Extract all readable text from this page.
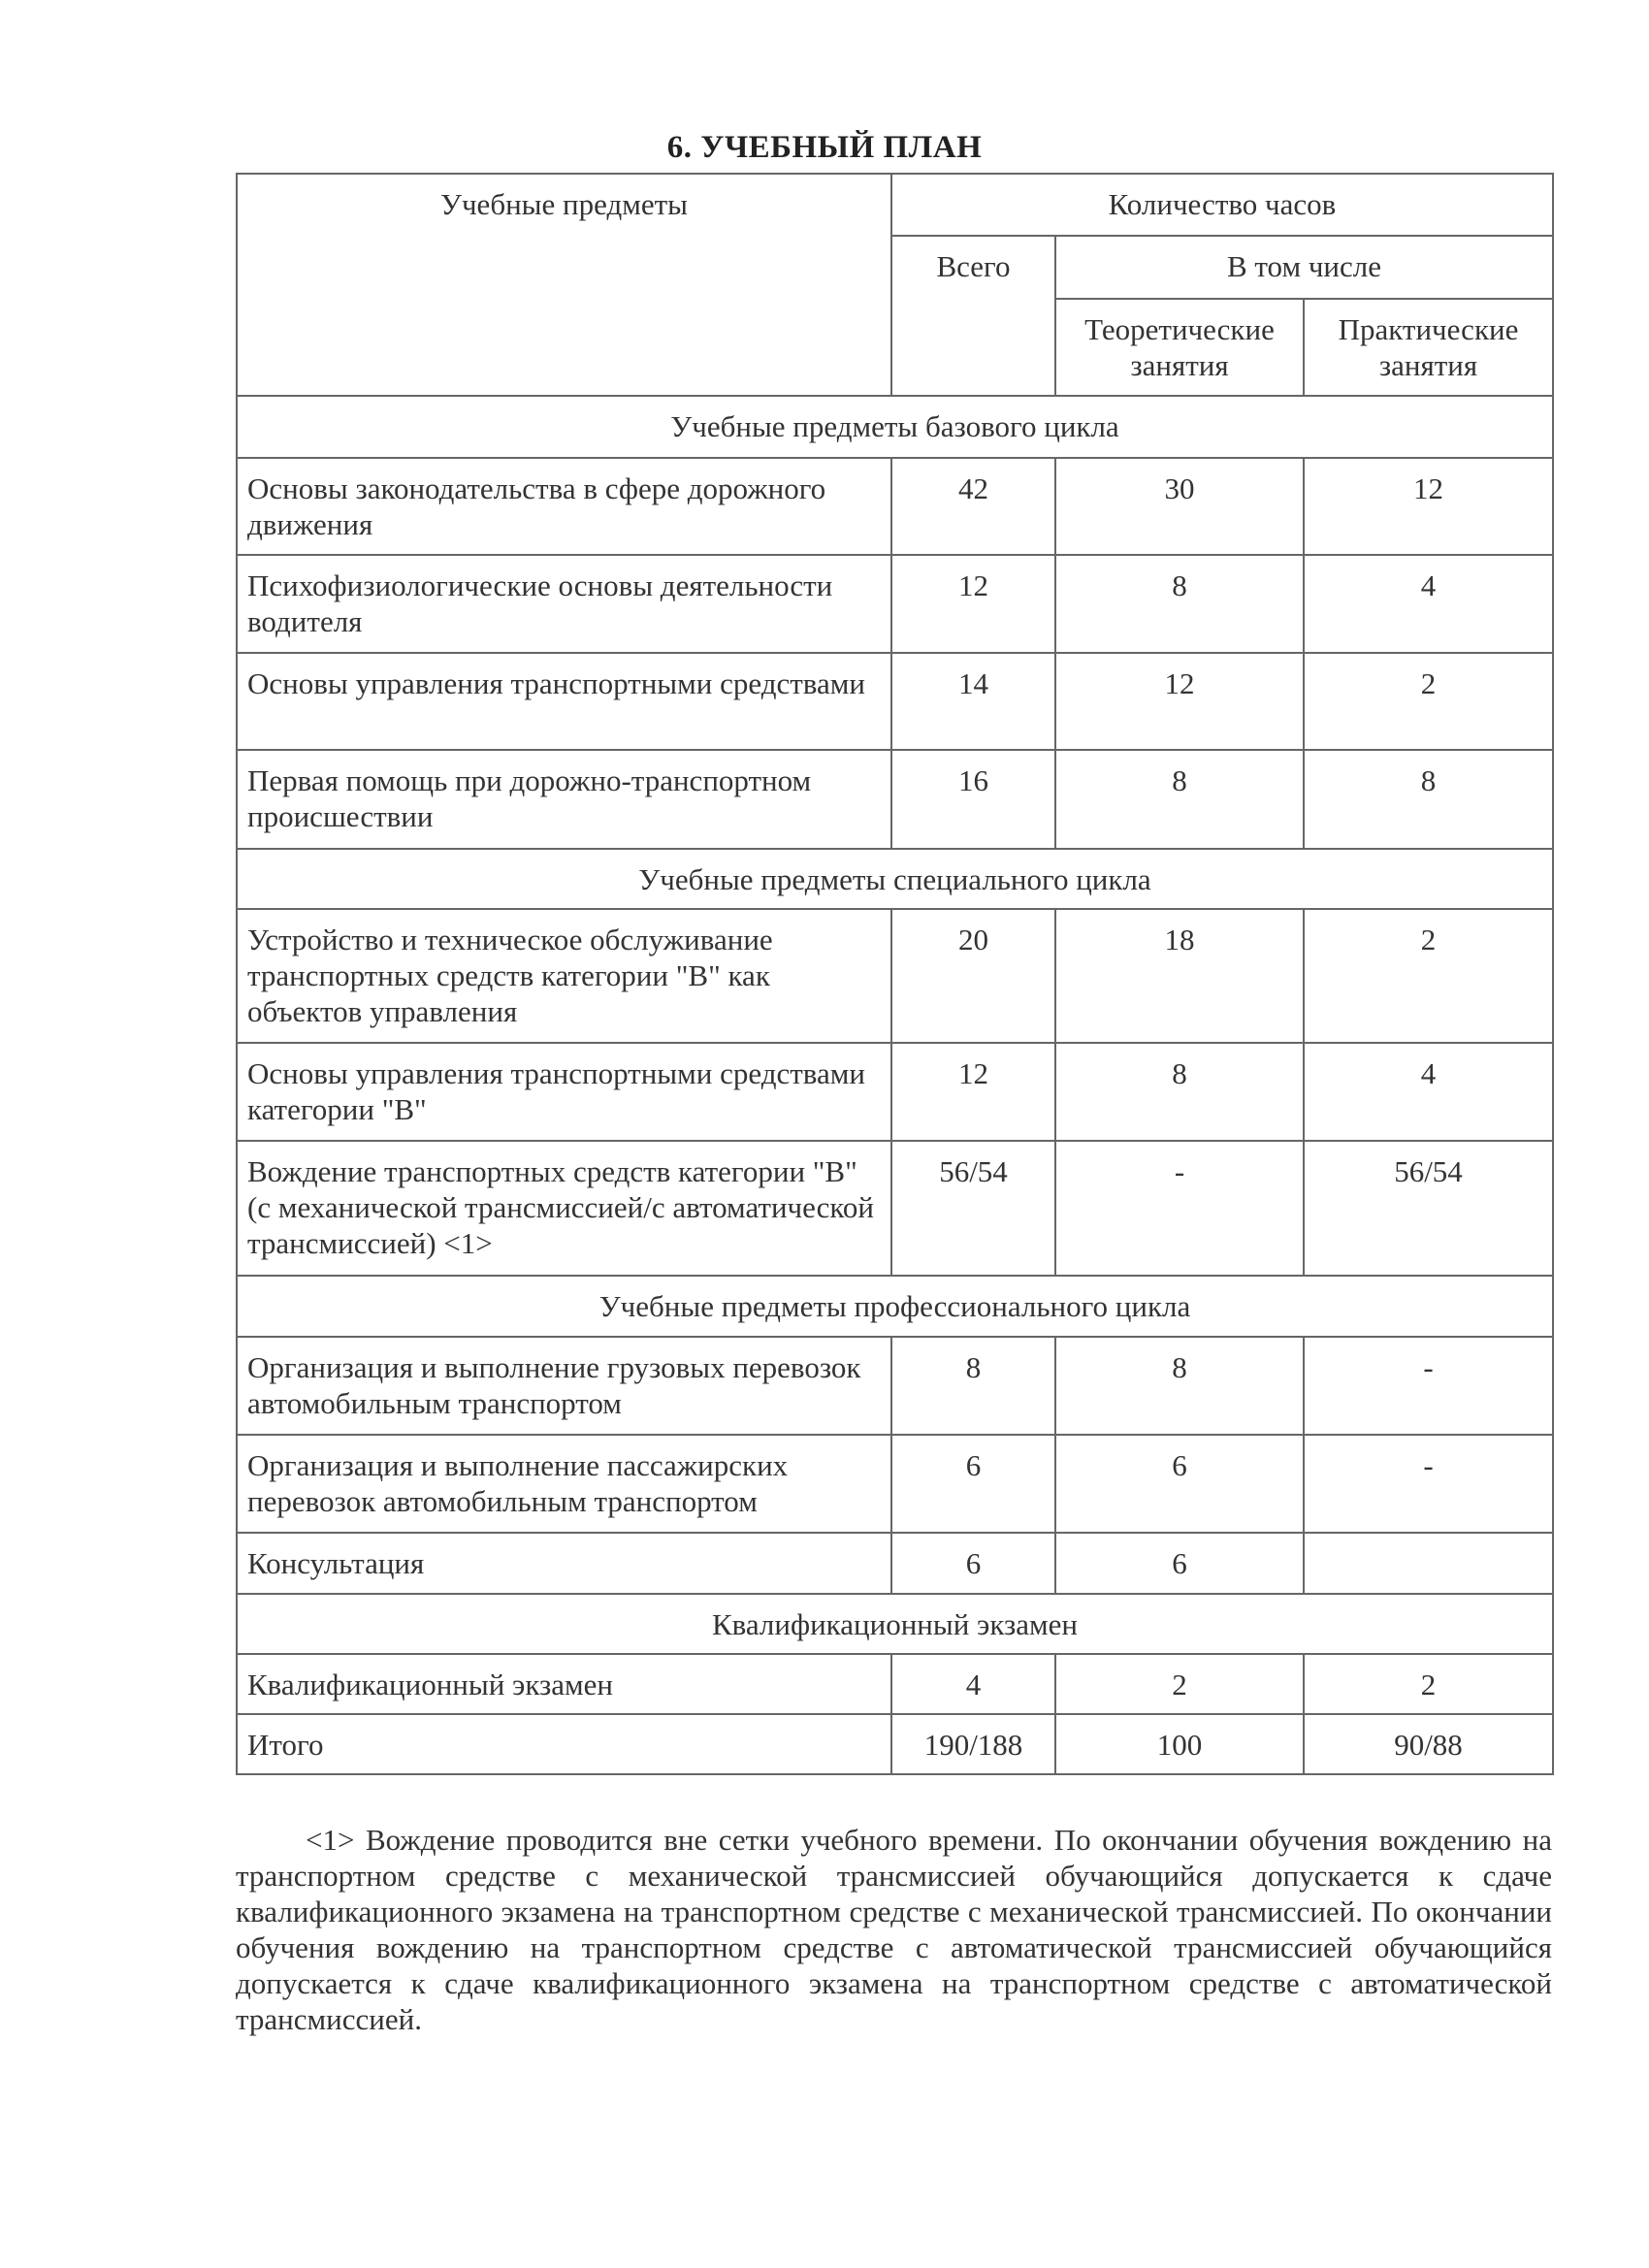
6. УЧЕБНЫЙ ПЛАН
Учебные предметы	Количество часов		
	Всего	В том числе	
		Теоретические занятия	Практические занятия
Учебные предметы базового цикла			
Основы законодательства в сфере дорожного движения	42	30	12
Психофизиологические основы деятельности водителя	12	8	4
Основы управления транспортными средствами	14	12	2
Первая помощь при дорожно-транспортном происшествии	16	8	8
Учебные предметы специального цикла			
Устройство и техническое обслуживание транспортных средств категории "B" как объектов управления	20	18	2
Основы управления транспортными средствами категории "B"	12	8	4
Вождение транспортных средств категории "B" (с механической трансмиссией/с автоматической трансмиссией) <1>	56/54	-	56/54
Учебные предметы профессионального цикла			
Организация и выполнение грузовых перевозок автомобильным транспортом	8	8	-
Организация и выполнение пассажирских перевозок автомобильным транспортом	6	6	-
Консультация	6	6	
Квалификационный экзамен			
Квалификационный экзамен	4	2	2
Итого	190/188	100	90/88

<1> Вождение проводится вне сетки учебного времени. По окончании обучения вождению на транспортном средстве с механической трансмиссией обучающийся допускается к сдаче квалификационного экзамена на транспортном средстве с механической трансмиссией. По окончании обучения вождению на транспортном средстве с автоматической трансмиссией обучающийся допускается к сдаче квалификационного экзамена на транспортном средстве с автоматической трансмиссией.
